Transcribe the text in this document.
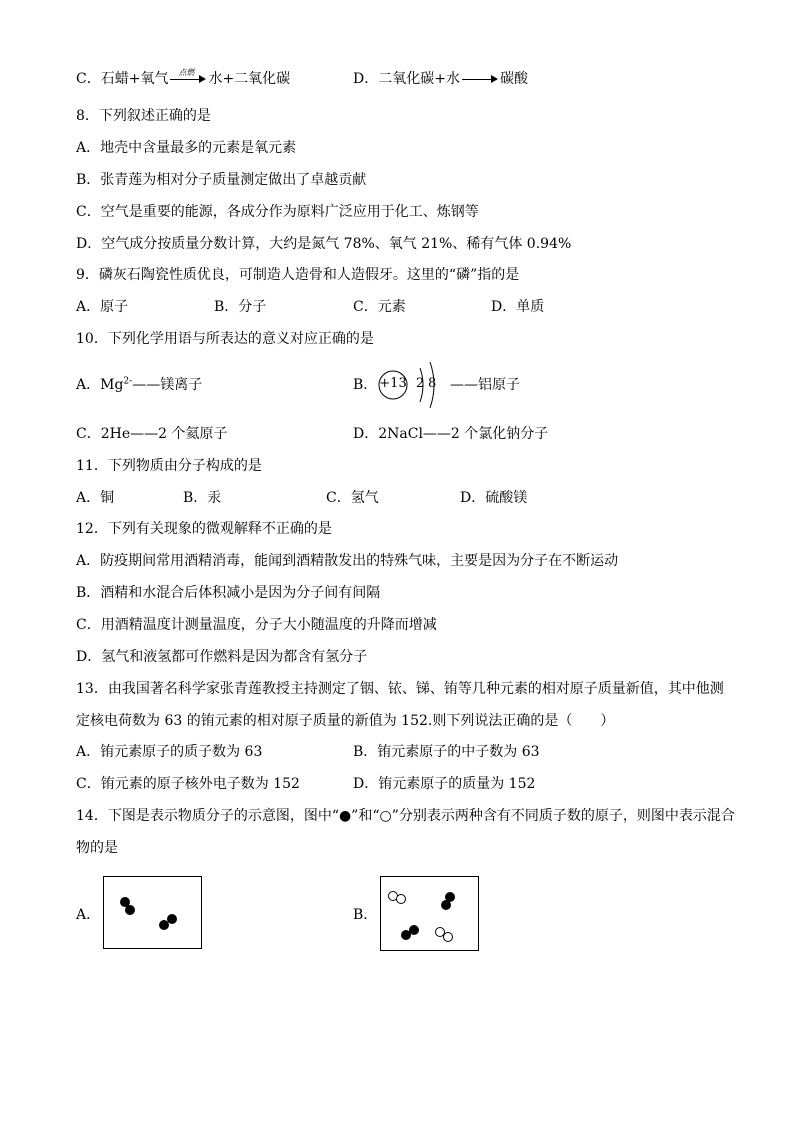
C．石蜡+氧气	点燃	水+二氧化碳	D．二氧化碳+水	碳酸
8．下列叙述正确的是
A．地壳中含量最多的元素是氧元素
B．张青莲为相对分子质量测定做出了卓越贡献
C．空气是重要的能源，各成分作为原料广泛应用于化工、炼钢等
D．空气成分按质量分数计算，大约是氮气 78%、氧气 21%、稀有气体 0.94%
9．磷灰石陶瓷性质优良，可制造人造骨和人造假牙。这里的“磷”指的是
A．原子	B．分子	C．元素	D．单质
10．下列化学用语与所表达的意义对应正确的是
A．$Mg^{2-}——$镁离子	B． +13 2 8 ——铝原子
C．2He——2 个氦原子	D．2NaCl——2 个氯化钠分子
11．下列物质由分子构成的是
A．铜	B．汞	C．氢气	D．硫酸镁
12．下列有关现象的微观解释不正确的是
A．防疫期间常用酒精消毒，能闻到酒精散发出的特殊气味，主要是因为分子在不断运动
B．酒精和水混合后体积减小是因为分子间有间隔
C．用酒精温度计测量温度，分子大小随温度的升降而增减
D．氢气和液氢都可作燃料是因为都含有氢分子
13．由我国著名科学家张青莲教授主持测定了铟、铱、锑、铕等几种元素的相对原子质量新值，其中他测
定核电荷数为 63 的铕元素的相对原子质量的新值为 152.则下列说法正确的是（　　）
A．铕元素原子的质子数为 63	B．铕元素原子的中子数为 63
C．铕元素的原子核外电子数为 152	D．铕元素原子的质量为 152
14．下图是表示物质分子的示意图，图中“●”和“○”分别表示两种含有不同质子数的原子，则图中表示混合
物的是
A．	B．
